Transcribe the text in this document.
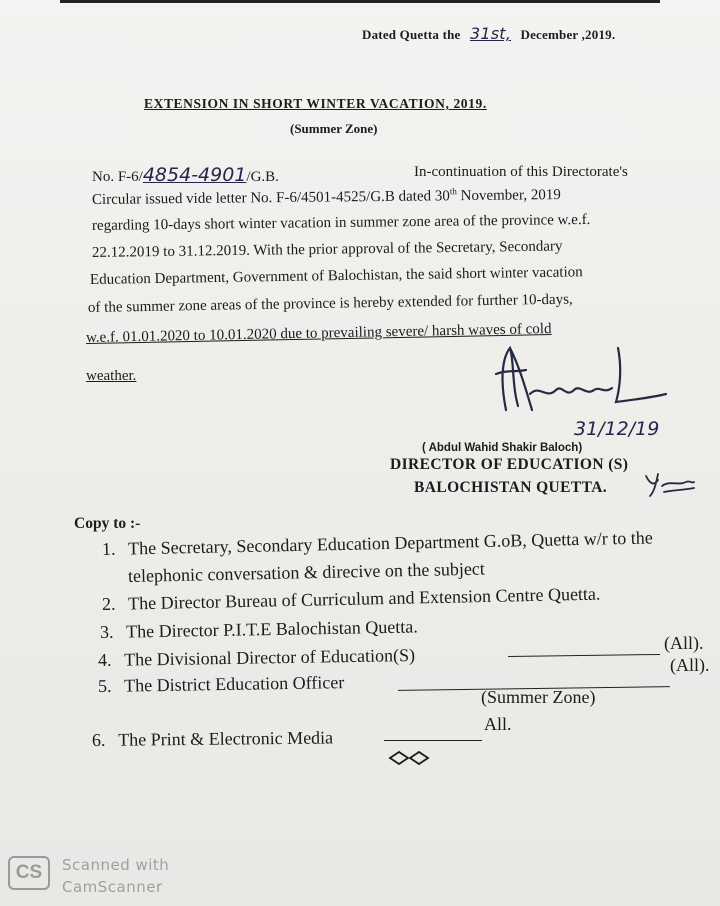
Dated Quetta the 31st, December ,2019.
EXTENSION IN SHORT WINTER VACATION, 2019.
(Summer Zone)
No. F-6/4854-4901/G.B.	In-continuation of this Directorate's
Circular issued vide letter No. F-6/4501-4525/G.B dated 30th November, 2019
regarding 10-days short winter vacation in summer zone area of the province w.e.f.
22.12.2019 to 31.12.2019. With the prior approval of the Secretary, Secondary
Education Department, Government of Balochistan, the said short winter vacation
of the summer zone areas of the province is hereby extended for further 10-days,
w.e.f. 01.01.2020 to 10.01.2020 due to prevailing severe/ harsh waves of cold
weather.
31/12/19
( Abdul Wahid Shakir Baloch)
DIRECTOR OF EDUCATION (S)
BALOCHISTAN QUETTA.
Copy to :-
1. The Secretary, Secondary Education Department G.oB, Quetta w/r to the
telephonic conversation & direcive on the subject
2. The Director Bureau of Curriculum and Extension Centre Quetta.
3. The Director P.I.T.E Balochistan Quetta.
4. The Divisional Director of Education(S)
(All).
5. The District Education Officer
(All).
(Summer Zone)
6. The Print & Electronic Media
All.
CS	Scanned with
CamScanner
